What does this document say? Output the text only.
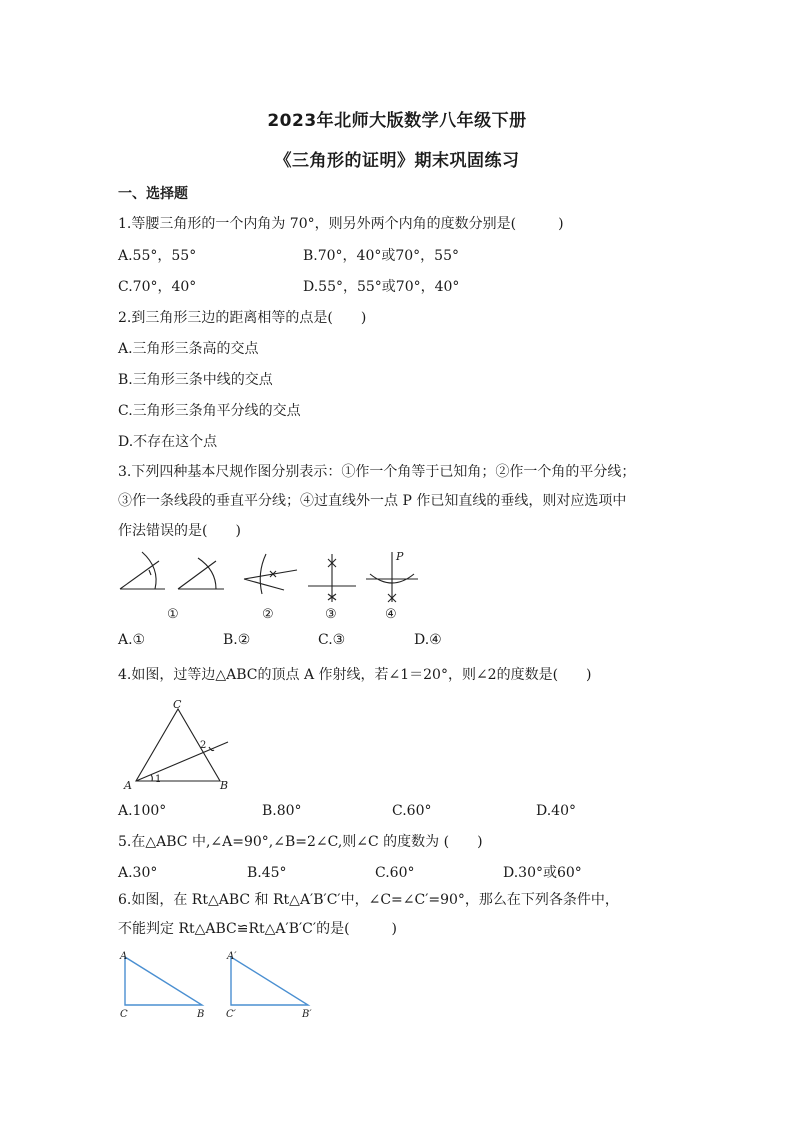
2023年北师大版数学八年级下册
《三角形的证明》期末巩固练习
一、选择题
1.等腰三角形的一个内角为 70°，则另外两个内角的度数分别是(　　　)
A.55°，55°	B.70°，40°或70°，55°
C.70°，40°	D.55°，55°或70°，40°
2.到三角形三边的距离相等的点是(　　)
A.三角形三条高的交点
B.三角形三条中线的交点
C.三角形三条角平分线的交点
D.不存在这个点
3.下列四种基本尺规作图分别表示：①作一个角等于已知角；②作一个角的平分线；
③作一条线段的垂直平分线；④过直线外一点 P 作已知直线的垂线，则对应选项中
作法错误的是(　　)
P
①	②	③	④
A.①	B.②	C.③	D.④
4.如图，过等边△ABC的顶点 A 作射线，若∠1＝20°，则∠2的度数是(　　)
C
A	B
1
2
A.100°	B.80°	C.60°	D.40°
5.在△ABC 中,∠A=90°,∠B=2∠C,则∠C 的度数为 (　　)
A.30°	B.45°	C.60°	D.30°或60°
6.如图，在 Rt△ABC 和 Rt△A′B′C′中，∠C=∠C′=90°，那么在下列各条件中，
不能判定 Rt△ABC≌Rt△A′B′C′的是(　　　)
A
C	B
A′
C′	B′
